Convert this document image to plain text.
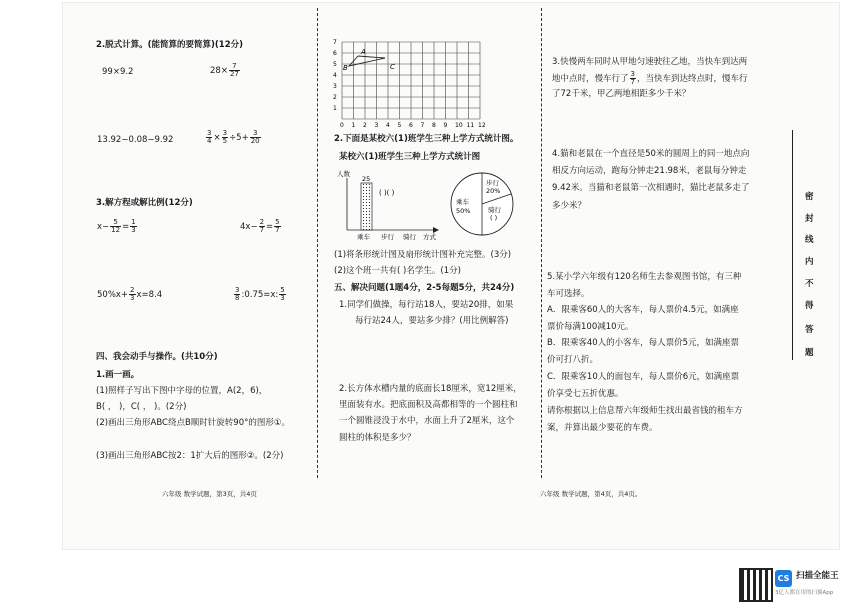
2.脱式计算。(能简算的要简算)(12分)
99×9.2	$28\times \frac{7}{27}$
13.92−0.08−9.92	$\frac{3}{4} \times \frac{3}{5} \div 5+ \frac{3}{20}$
3.解方程或解比例(12分)
$x- \frac{5}{12} = \frac{1}{3}$	$4x- \frac{2}{7} = \frac{5}{7}$
$50\%x+ \frac{2}{3} x=8.4$	$\frac{3}{8}$ :0.75=x: $\frac{5}{3}$
四、我会动手与操作。(共10分)
1.画一画。
(1)照样子写出下图中字母的位置，A(2，6)，
B( ， )，C( ， )。(2分)
(2)画出三角形ABC绕点B顺时针旋转90°的图形①。
(3)画出三角形ABC按2：1扩大后的图形②。(2分)
六年级 数学试题，第3页，共4页
A
B	C
0 1 2 3 4 5 6 7 8 9 10 11 12
1
2
3
4
5
6
7
2.下面是某校六(1)班学生三种上学方式统计图。
某校六(1)班学生三种上学方式统计图
人数
25
( )( )
乘车 步行 骑行 方式
步行
20%
乘车
50%	骑行
( )
(1)将条形统计图及扇形统计图补充完整。(3分)
(2)这个班一共有( )名学生。(1分)
五、解决问题(1题4分，2-5每题5分，共24分)
1.同学们做操，每行站18人，要站20排，如果
每行站24人，要站多少排？(用比例解答)
2.长方体水槽内量的底面长18厘米，宽12厘米，
里面装有水。把底面积及高都相等的一个圆柱和
一个圆锥浸没于水中，水面上升了2厘米，这个
圆柱的体积是多少？
3.快慢两车同时从甲地匀速驶往乙地，当快车到达两
地中点时，慢车行了 $\frac{3}{7}$ ，当快车到达终点时，慢车行
了72千米，甲乙两地相距多少千米？
4.猫和老鼠在一个直径是50米的圆周上的同一地点向
相反方向运动，跑每分钟走21.98米，老鼠每分钟走
9.42米。当猫和老鼠第一次相遇时，猫比老鼠多走了
多少米？
5.某小学六年级有120名师生去参观图书馆，有三种
车可选择。
A．限乘客60人的大客车，每人票价4.5元，如满座
票价每满100减10元。
B．限乘客40人的小客车，每人票价5元，如满座票
价可打八折。
C．限乘客10人的面包车，每人票价6元，如满座票
价享受七五折优惠。
请你根据以上信息帮六年级师生找出最省钱的租车方
案，并算出最少要花的车费。
六年级 数学试题，第4页，共4页。
密
封
线
内
不
得
答
题
CS 扫描全能王
3亿人都在用的扫描App
